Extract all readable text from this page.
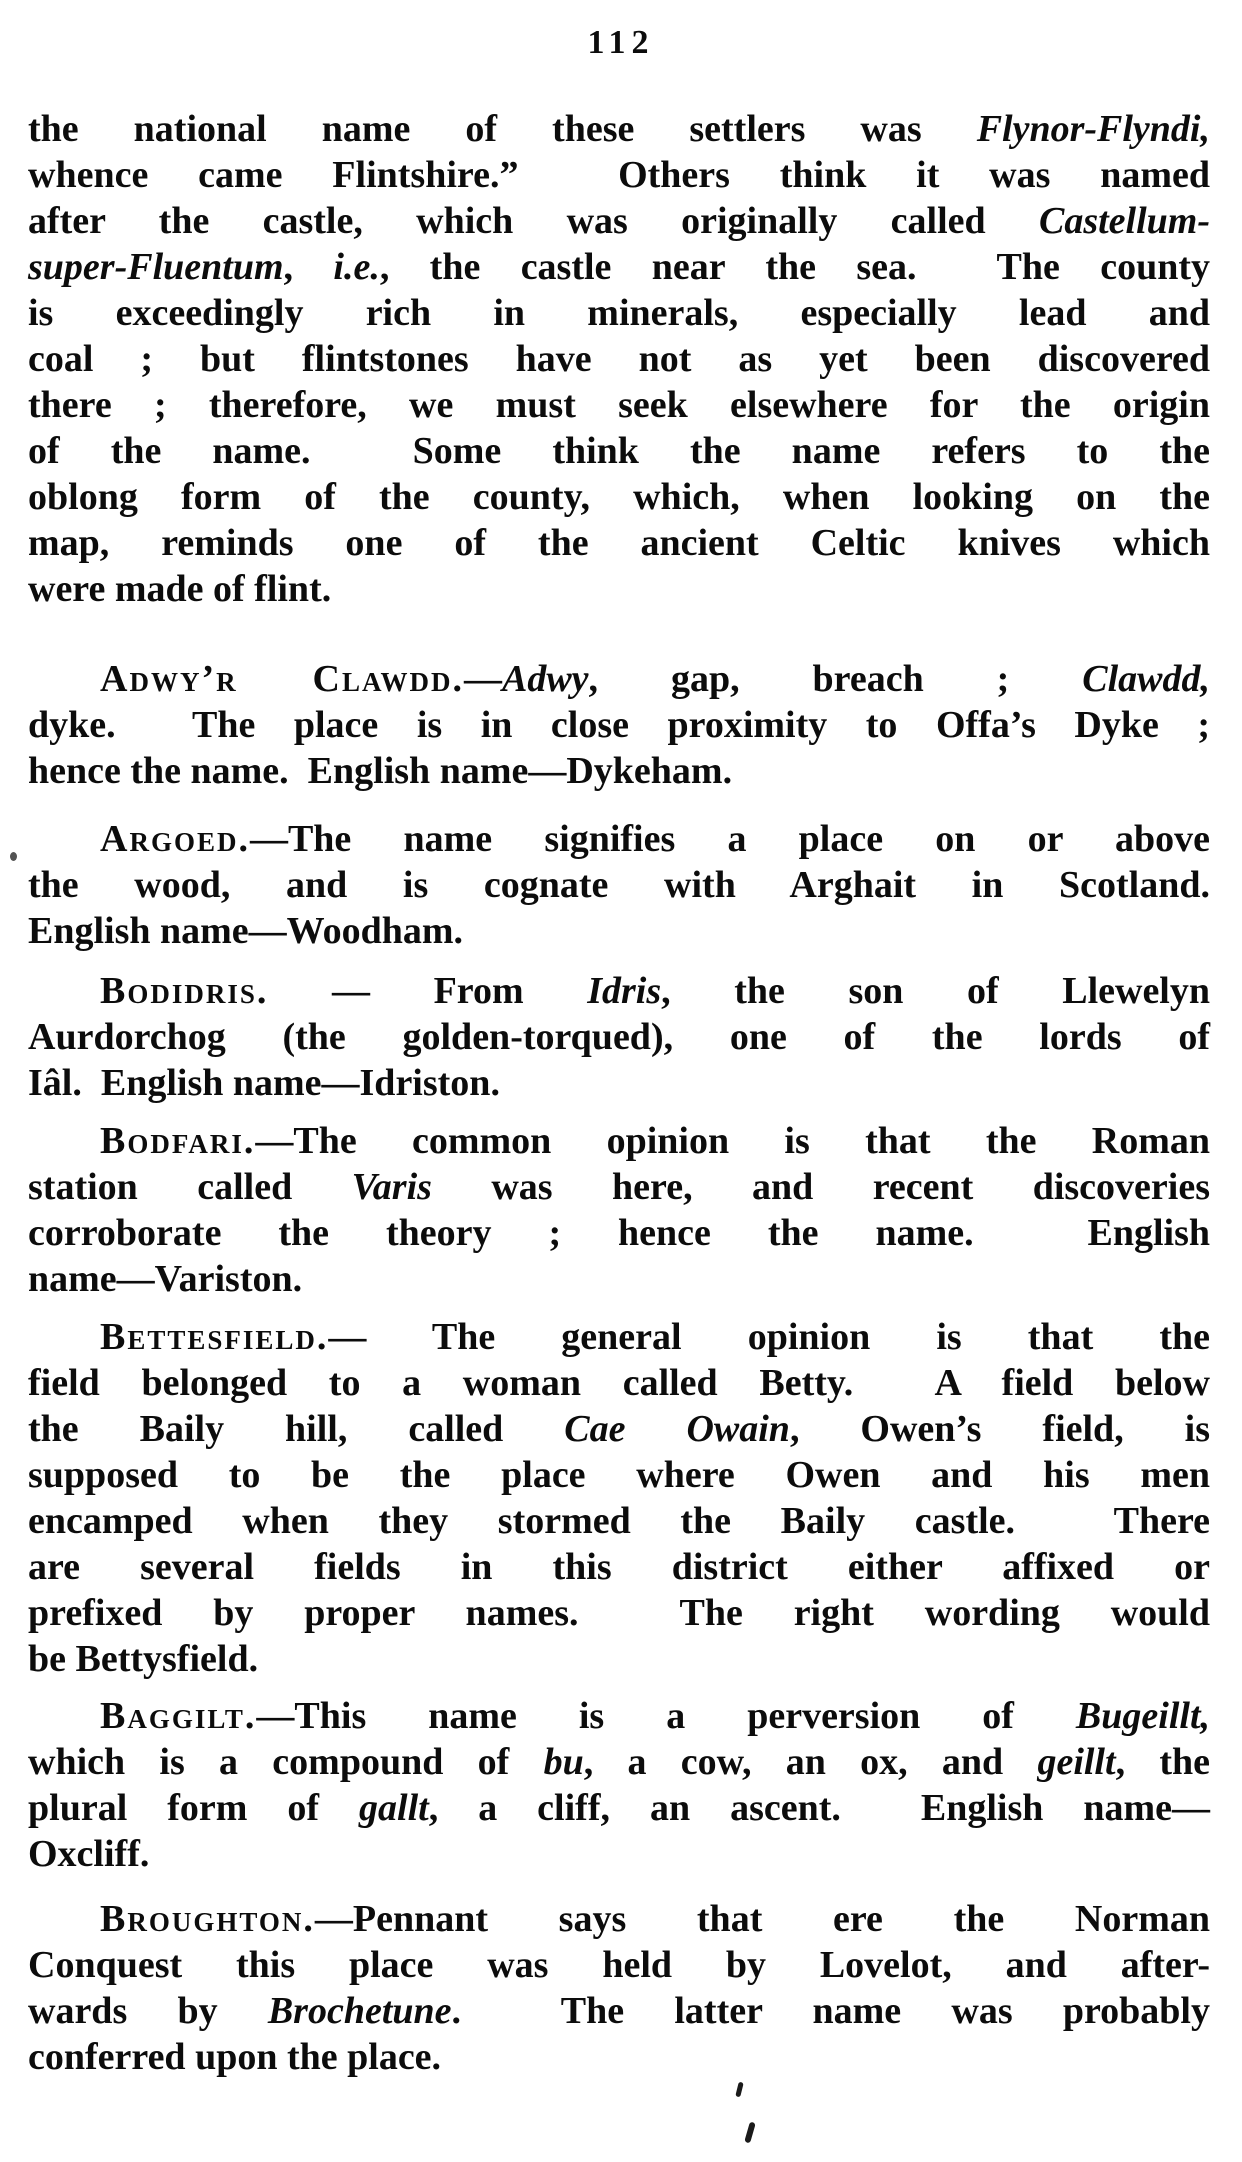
112
the national name of these settlers was Flynor-Flyndi,
whence came Flintshire.”  Others think it was named
after the castle, which was originally called Castellum-
super-Fluentum, i.e., the castle near the sea.  The county
is exceedingly rich in minerals, especially lead and
coal ; but flintstones have not as yet been discovered
there ; therefore, we must seek elsewhere for the origin
of the name.  Some think the name refers to the
oblong form of the county, which, when looking on the
map, reminds one of the ancient Celtic knives which
were made of flint.
Adwy’r Clawdd.—Adwy, gap, breach ; Clawdd,
dyke.  The place is in close proximity to Offa’s Dyke ;
hence the name.  English name—Dykeham.
Argoed.—The name signifies a place on or above
the wood, and is cognate with Arghait in Scotland.
English name—Woodham.
Bodidris. — From Idris, the son of Llewelyn
Aurdorchog (the golden-torqued), one of the lords of
Iâl.  English name—Idriston.
Bodfari.—The common opinion is that the Roman
station called Varis was here, and recent discoveries
corroborate the theory ; hence the name.  English
name—Variston.
Bettesfield.— The general opinion is that the
field belonged to a woman called Betty.  A field below
the Baily hill, called Cae Owain, Owen’s field, is
supposed to be the place where Owen and his men
encamped when they stormed the Baily castle.  There
are several fields in this district either affixed or
prefixed by proper names.  The right wording would
be Bettysfield.
Baggilt.—This name is a perversion of Bugeillt,
which is a compound of bu, a cow, an ox, and geillt, the
plural form of gallt, a cliff, an ascent.  English name—
Oxcliff.
Broughton.—Pennant says that ere the Norman
Conquest this place was held by Lovelot, and after-
wards by Brochetune.  The latter name was probably
conferred upon the place.
